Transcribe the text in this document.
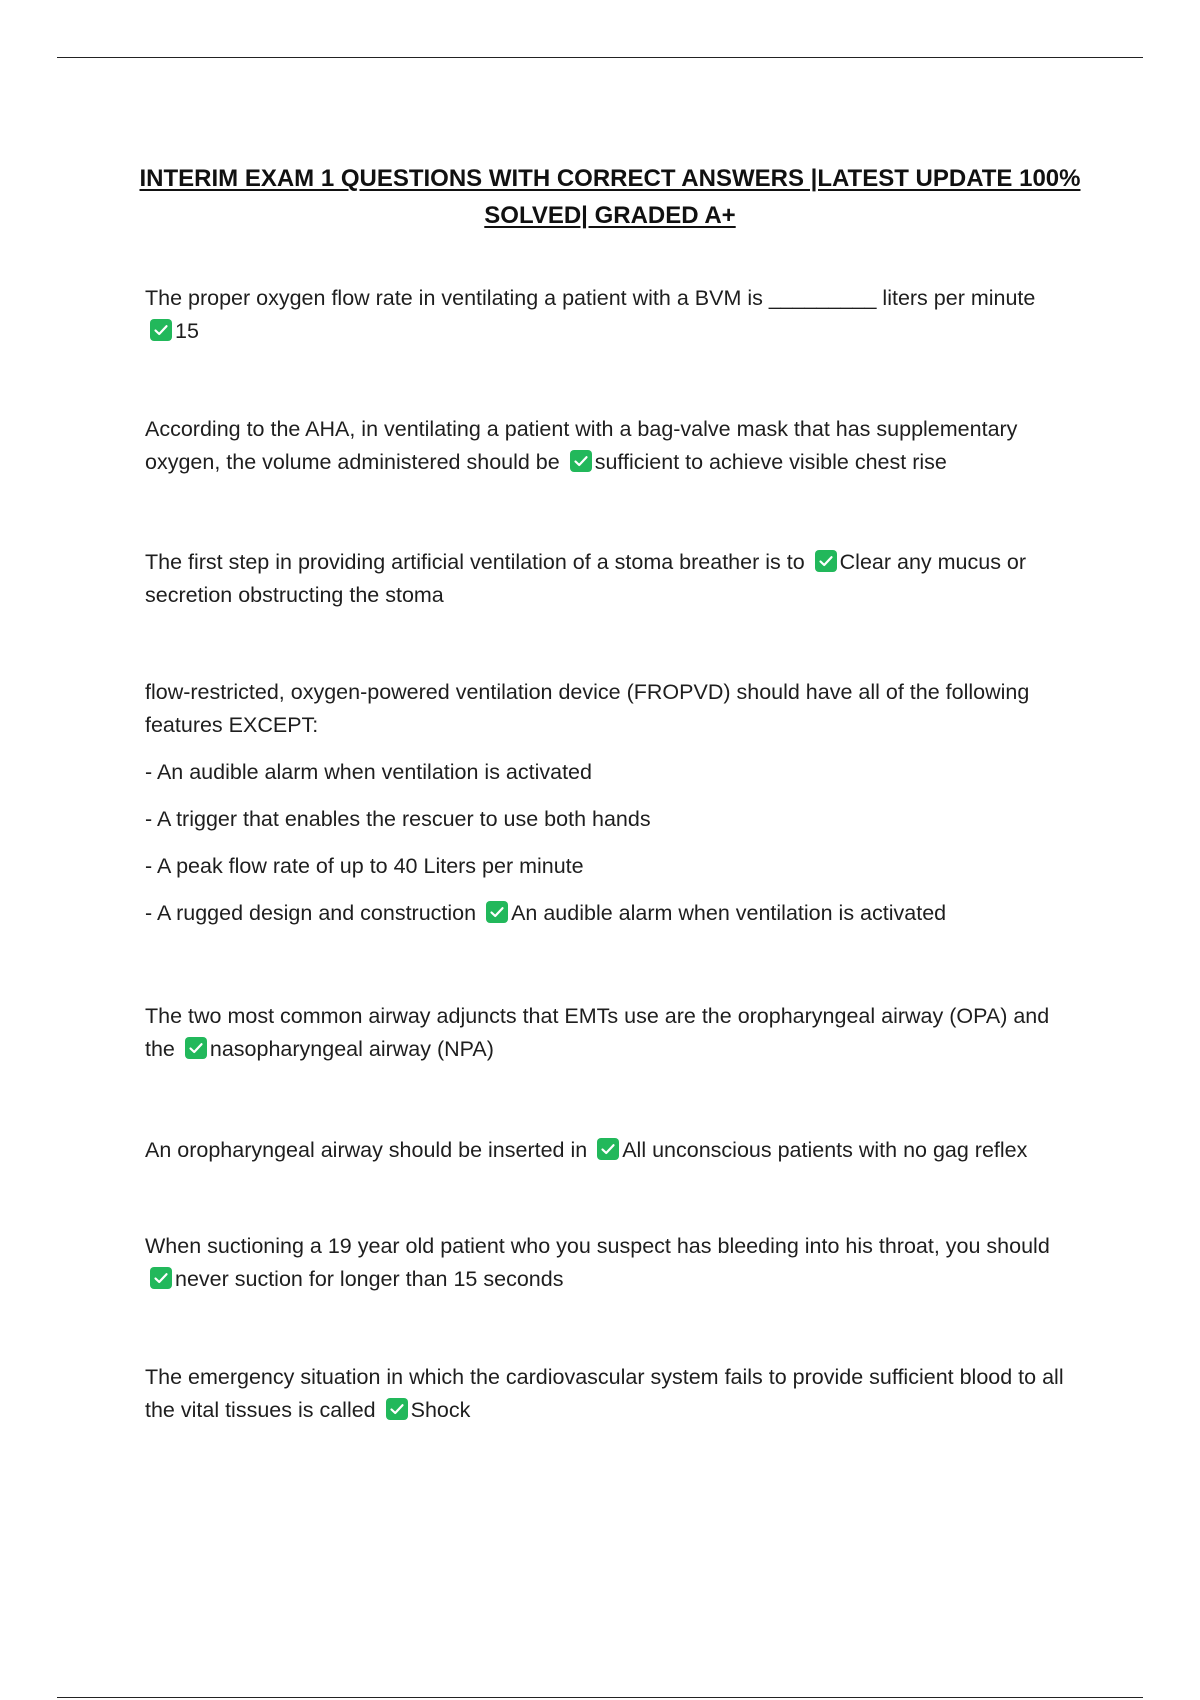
INTERIM EXAM 1 QUESTIONS WITH CORRECT ANSWERS |LATEST UPDATE 100% SOLVED| GRADED A+

The proper oxygen flow rate in ventilating a patient with a BVM is _________ liters per minute

15

According to the AHA, in ventilating a patient with a bag-valve mask that has supplementary oxygen, the volume administered should be sufficient to achieve visible chest rise

The first step in providing artificial ventilation of a stoma breather is to Clear any mucus or secretion obstructing the stoma

flow-restricted, oxygen-powered ventilation device (FROPVD) should have all of the following features EXCEPT:

- An audible alarm when ventilation is activated

- A trigger that enables the rescuer to use both hands

- A peak flow rate of up to 40 Liters per minute

- A rugged design and construction An audible alarm when ventilation is activated

The two most common airway adjuncts that EMTs use are the oropharyngeal airway (OPA) and the nasopharyngeal airway (NPA)

An oropharyngeal airway should be inserted in All unconscious patients with no gag reflex

When suctioning a 19 year old patient who you suspect has bleeding into his throat, you should

never suction for longer than 15 seconds

The emergency situation in which the cardiovascular system fails to provide sufficient blood to all the vital tissues is called Shock
